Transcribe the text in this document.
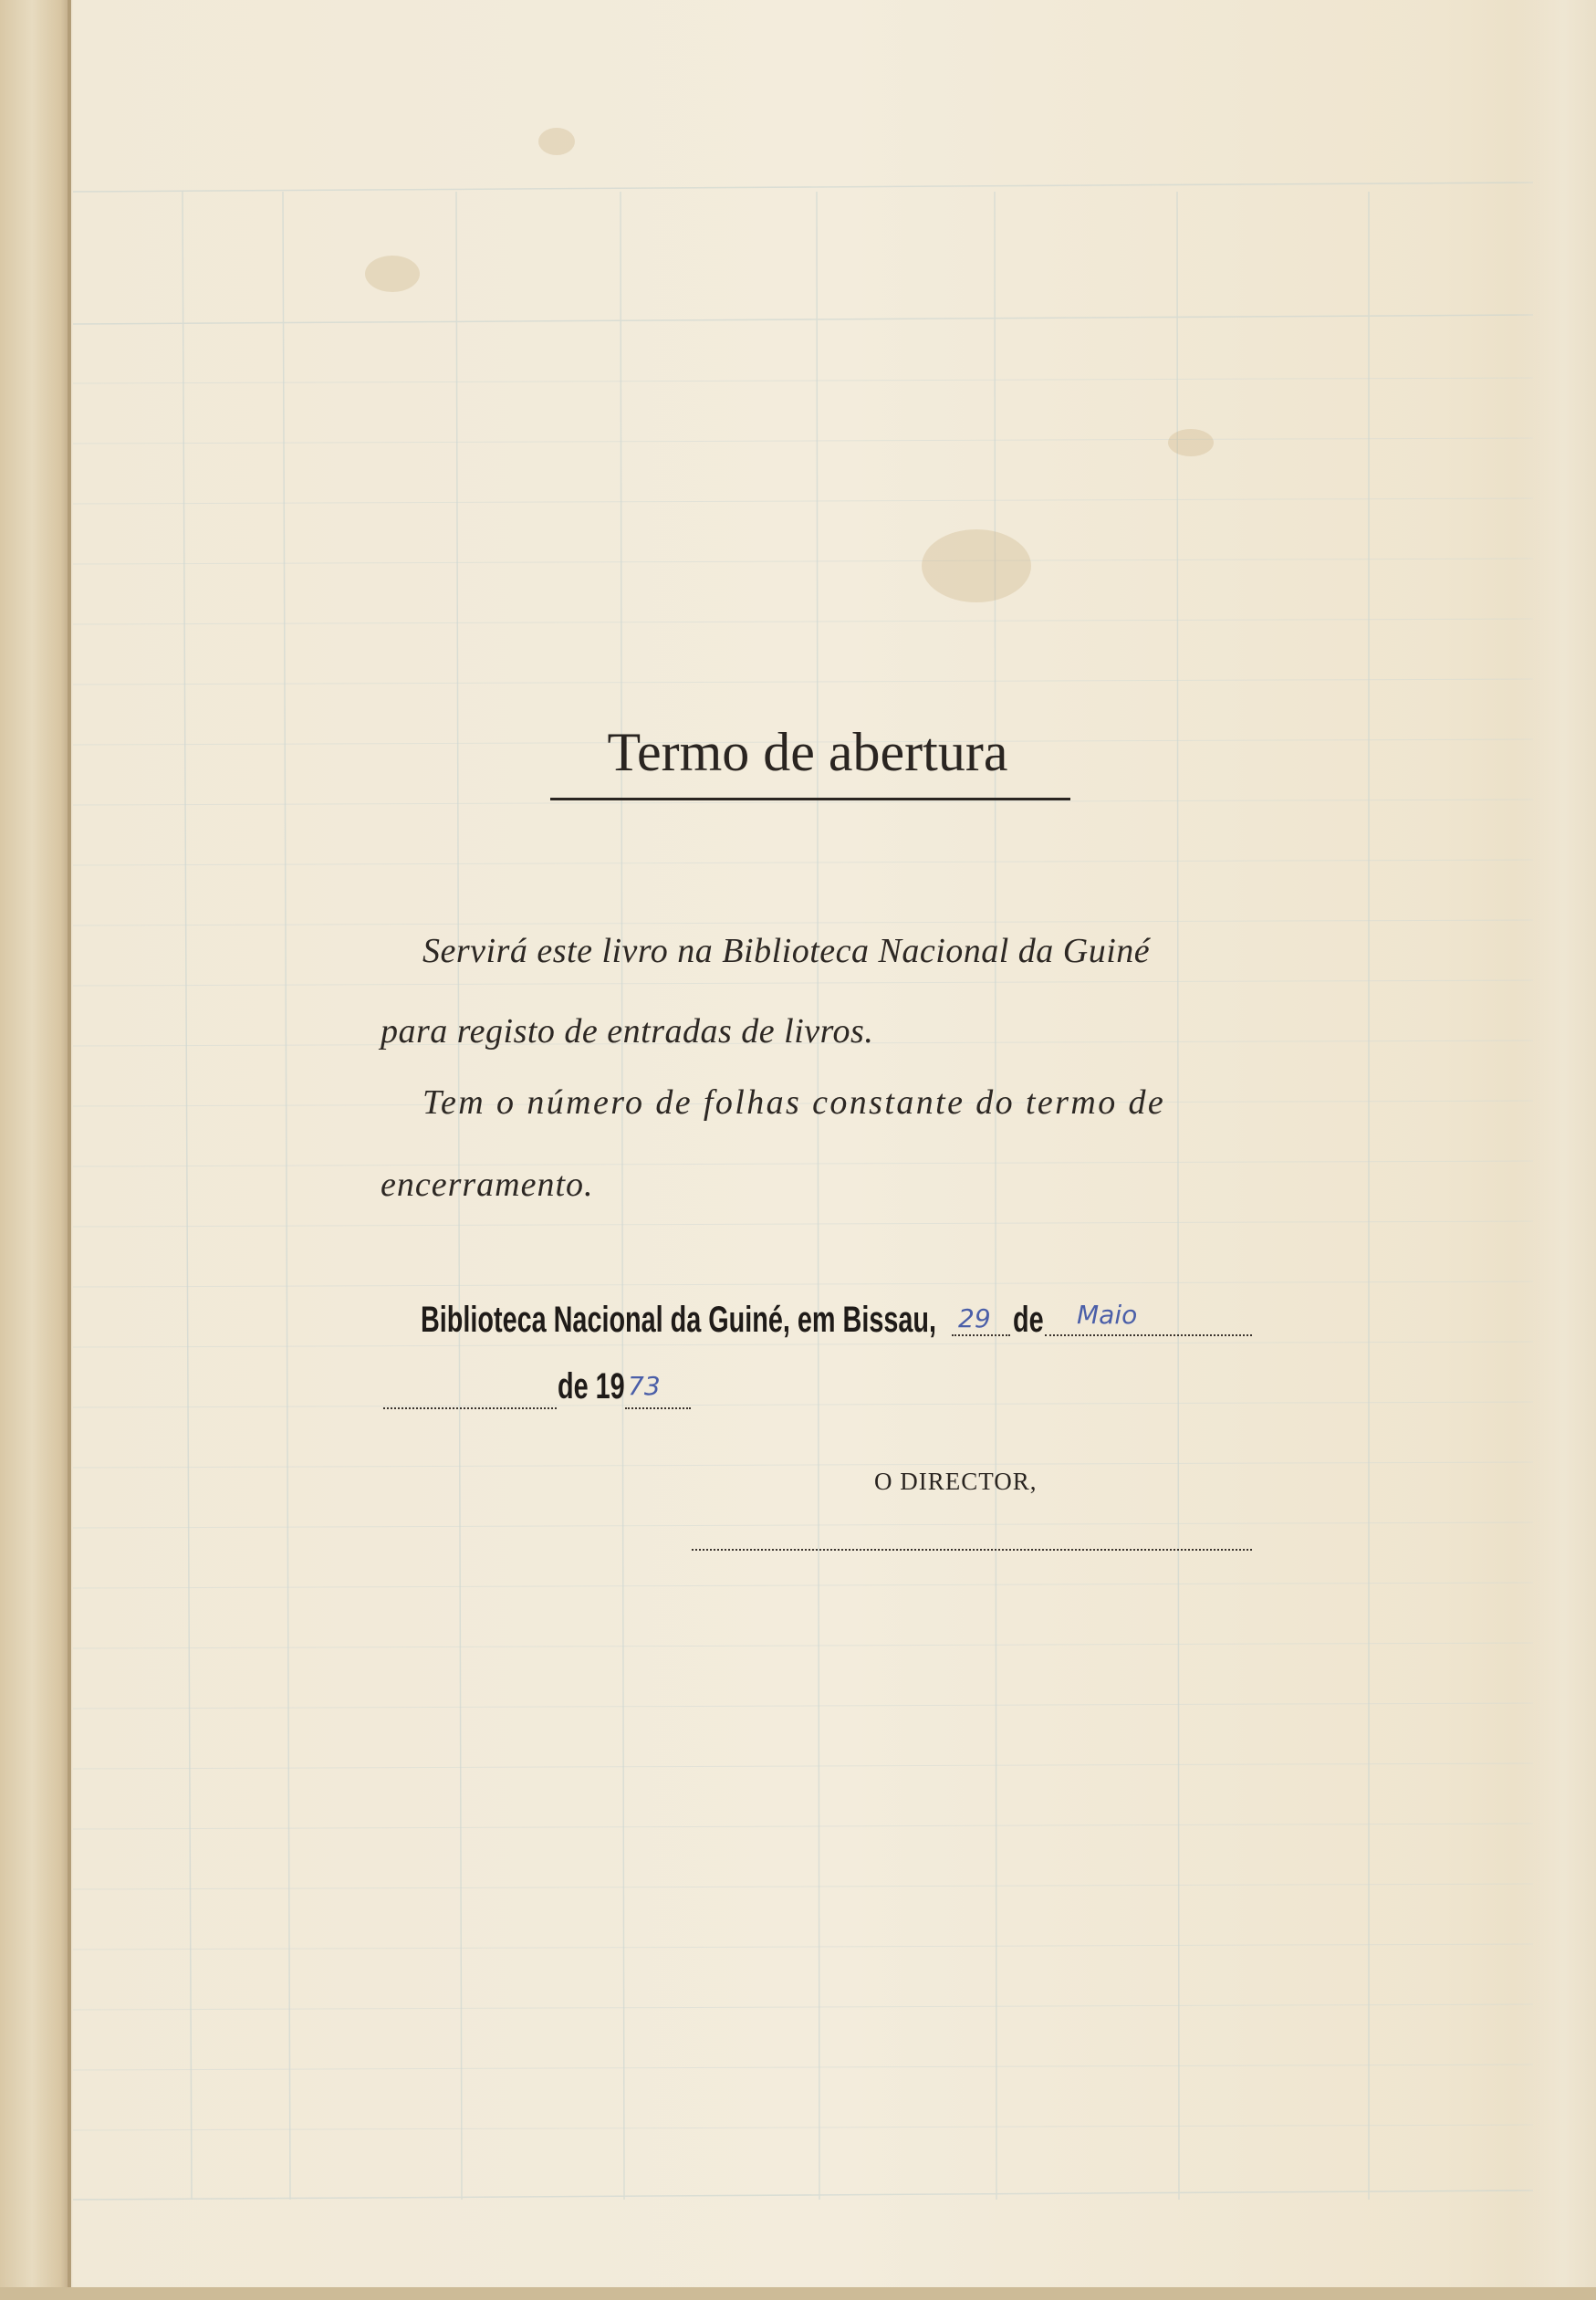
Termo de abertura
Servirá este livro na Biblioteca Nacional da Guiné
para registo de entradas de livros.
Tem o número de folhas constante do termo de
encerramento.
Biblioteca Nacional da Guiné, em Bissau, 29 de Maio
de 19 73
O DIRECTOR,
